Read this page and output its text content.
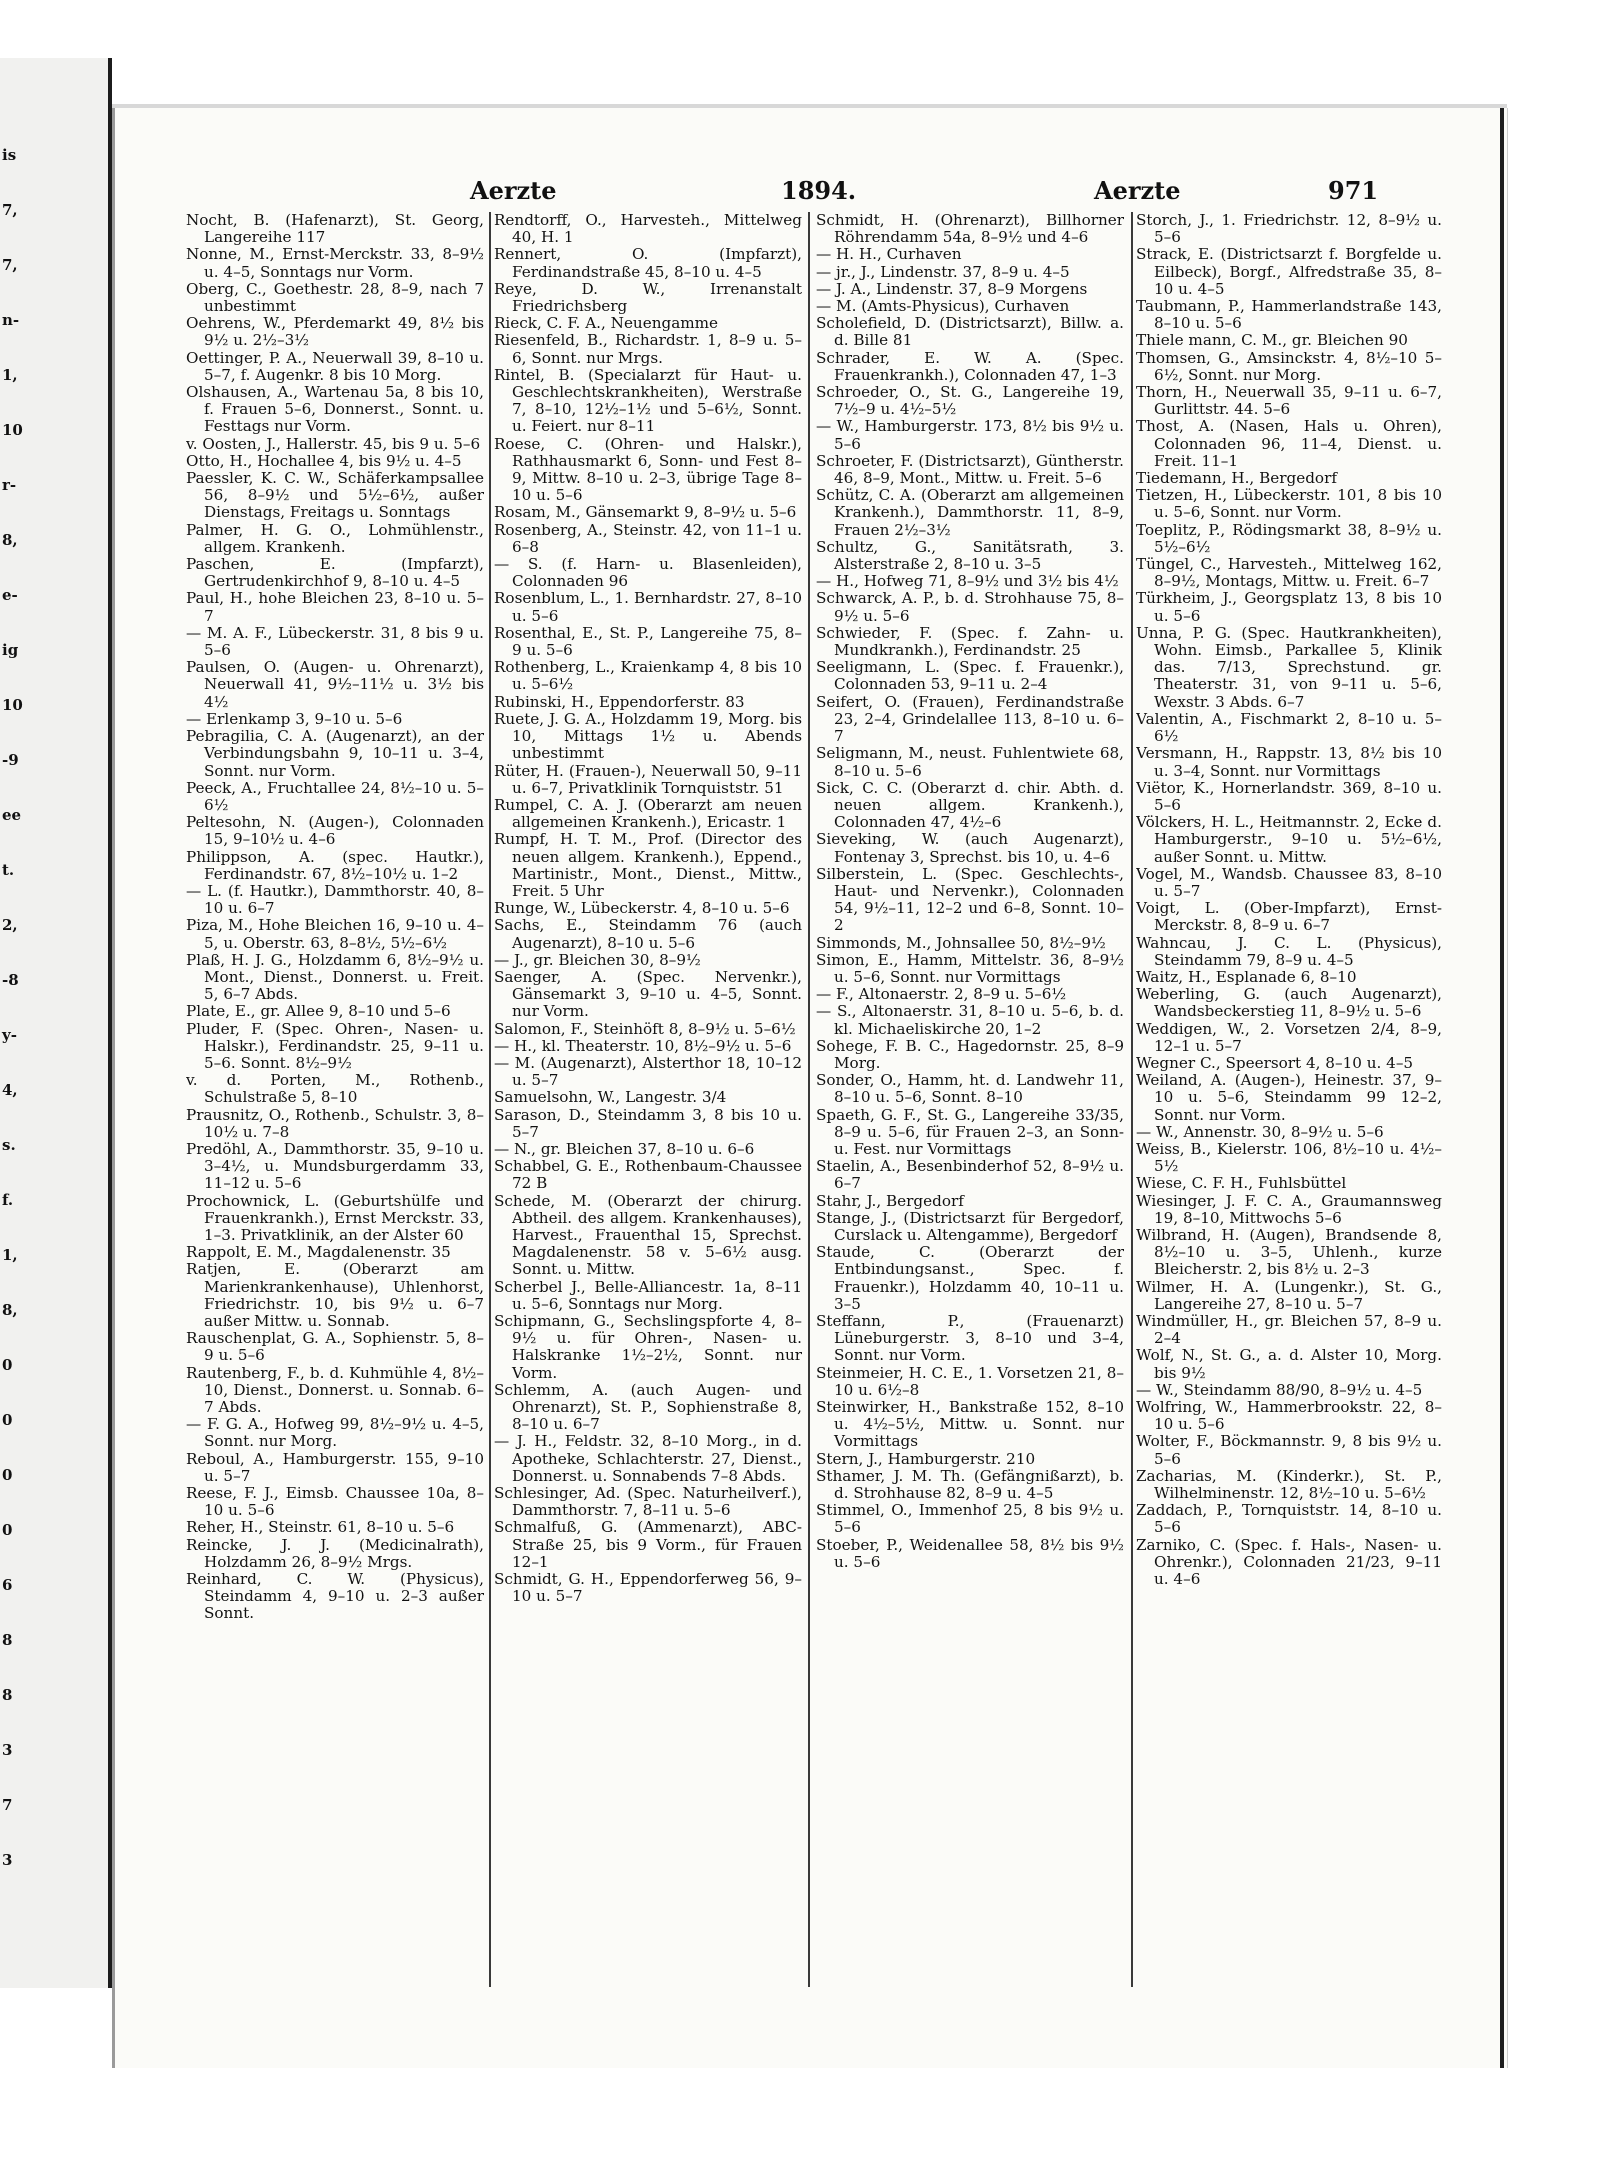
is
7,
7,
n-
1,
10
r-
8,
e-
ig
10
-9
ee
t.
2,
-8
y-
4,
s.
f.
1,
8,
0
0
0
0
6
8
8
3
7
3
Aerzte	1894.	Aerzte	971

Nocht, B. (Hafenarzt), St. Georg, Langereihe 117

Nonne, M., Ernst-Merckstr. 33, 8–9½ u. 4–5, Sonntags nur Vorm.

Oberg, C., Goethestr. 28, 8–9, nach 7 unbestimmt

Oehrens, W., Pferdemarkt 49, 8½ bis 9½ u. 2½–3½

Oettinger, P. A., Neuerwall 39, 8–10 u. 5–7, f. Augenkr. 8 bis 10 Morg.

Olshausen, A., Wartenau 5a, 8 bis 10, f. Frauen 5–6, Donnerst., Sonnt. u. Festtags nur Vorm.

v. Oosten, J., Hallerstr. 45, bis 9 u. 5–6

Otto, H., Hochallee 4, bis 9½ u. 4–5

Paessler, K. C. W., Schäferkampsallee 56, 8–9½ und 5½–6½, außer Dienstags, Freitags u. Sonntags

Palmer, H. G. O., Lohmühlenstr., allgem. Krankenh.

Paschen, E. (Impfarzt), Gertrudenkirchhof 9, 8–10 u. 4–5

Paul, H., hohe Bleichen 23, 8–10 u. 5–7

— M. A. F., Lübeckerstr. 31, 8 bis 9 u. 5–6

Paulsen, O. (Augen- u. Ohrenarzt), Neuerwall 41, 9½–11½ u. 3½ bis 4½

— Erlenkamp 3, 9–10 u. 5–6

Pebragilia, C. A. (Augenarzt), an der Verbindungsbahn 9, 10–11 u. 3–4, Sonnt. nur Vorm.

Peeck, A., Fruchtallee 24, 8½–10 u. 5–6½

Peltesohn, N. (Augen-), Colonnaden 15, 9–10½ u. 4–6

Philippson, A. (spec. Hautkr.), Ferdinandstr. 67, 8½–10½ u. 1–2

— L. (f. Hautkr.), Dammthorstr. 40, 8–10 u. 6–7

Piza, M., Hohe Bleichen 16, 9–10 u. 4–5, u. Oberstr. 63, 8–8½, 5½–6½

Plaß, H. J. G., Holzdamm 6, 8½–9½ u. Mont., Dienst., Donnerst. u. Freit. 5, 6–7 Abds.

Plate, E., gr. Allee 9, 8–10 und 5–6

Pluder, F. (Spec. Ohren-, Nasen- u. Halskr.), Ferdinandstr. 25, 9–11 u. 5–6. Sonnt. 8½–9½

v. d. Porten, M., Rothenb., Schulstraße 5, 8–10

Prausnitz, O., Rothenb., Schulstr. 3, 8–10½ u. 7–8

Predöhl, A., Dammthorstr. 35, 9–10 u. 3–4½, u. Mundsburgerdamm 33, 11–12 u. 5–6

Prochownick, L. (Geburtshülfe und Frauenkrankh.), Ernst Merckstr. 33, 1–3. Privatklinik, an der Alster 60

Rappolt, E. M., Magdalenenstr. 35

Ratjen, E. (Oberarzt am Marienkrankenhause), Uhlenhorst, Friedrichstr. 10, bis 9½ u. 6–7 außer Mittw. u. Sonnab.

Rauschenplat, G. A., Sophienstr. 5, 8–9 u. 5–6

Rautenberg, F., b. d. Kuhmühle 4, 8½–10, Dienst., Donnerst. u. Sonnab. 6–7 Abds.

— F. G. A., Hofweg 99, 8½–9½ u. 4–5, Sonnt. nur Morg.

Reboul, A., Hamburgerstr. 155, 9–10 u. 5–7

Reese, F. J., Eimsb. Chaussee 10a, 8–10 u. 5–6

Reher, H., Steinstr. 61, 8–10 u. 5–6

Reincke, J. J. (Medicinalrath), Holzdamm 26, 8–9½ Mrgs.

Reinhard, C. W. (Physicus), Steindamm 4, 9–10 u. 2–3 außer Sonnt.

Rendtorff, O., Harvesteh., Mittelweg 40, H. 1

Rennert, O. (Impfarzt), Ferdinandstraße 45, 8–10 u. 4–5

Reye, D. W., Irrenanstalt Friedrichsberg

Rieck, C. F. A., Neuengamme

Riesenfeld, B., Richardstr. 1, 8–9 u. 5–6, Sonnt. nur Mrgs.

Rintel, B. (Specialarzt für Haut- u. Geschlechtskrankheiten), Werstraße 7, 8–10, 12½–1½ und 5–6½, Sonnt. u. Feiert. nur 8–11

Roese, C. (Ohren- und Halskr.), Rathhausmarkt 6, Sonn- und Fest 8–9, Mittw. 8–10 u. 2–3, übrige Tage 8–10 u. 5–6

Rosam, M., Gänsemarkt 9, 8–9½ u. 5–6

Rosenberg, A., Steinstr. 42, von 11–1 u. 6–8

— S. (f. Harn- u. Blasenleiden), Colonnaden 96

Rosenblum, L., 1. Bernhardstr. 27, 8–10 u. 5–6

Rosenthal, E., St. P., Langereihe 75, 8–9 u. 5–6

Rothenberg, L., Kraienkamp 4, 8 bis 10 u. 5–6½

Rubinski, H., Eppendorferstr. 83

Ruete, J. G. A., Holzdamm 19, Morg. bis 10, Mittags 1½ u. Abends unbestimmt

Rüter, H. (Frauen-), Neuerwall 50, 9–11 u. 6–7, Privatklinik Tornquiststr. 51

Rumpel, C. A. J. (Oberarzt am neuen allgemeinen Krankenh.), Ericastr. 1

Rumpf, H. T. M., Prof. (Director des neuen allgem. Krankenh.), Eppend., Martinistr., Mont., Dienst., Mittw., Freit. 5 Uhr

Runge, W., Lübeckerstr. 4, 8–10 u. 5–6

Sachs, E., Steindamm 76 (auch Augenarzt), 8–10 u. 5–6

— J., gr. Bleichen 30, 8–9½

Saenger, A. (Spec. Nervenkr.), Gänsemarkt 3, 9–10 u. 4–5, Sonnt. nur Vorm.

Salomon, F., Steinhöft 8, 8–9½ u. 5–6½

— H., kl. Theaterstr. 10, 8½–9½ u. 5–6

— M. (Augenarzt), Alsterthor 18, 10–12 u. 5–7

Samuelsohn, W., Langestr. 3/4

Sarason, D., Steindamm 3, 8 bis 10 u. 5–7

— N., gr. Bleichen 37, 8–10 u. 6–6

Schabbel, G. E., Rothenbaum-Chaussee 72 B

Schede, M. (Oberarzt der chirurg. Abtheil. des allgem. Krankenhauses), Harvest., Frauenthal 15, Sprechst. Magdalenenstr. 58 v. 5–6½ ausg. Sonnt. u. Mittw.

Scherbel J., Belle-Alliancestr. 1a, 8–11 u. 5–6, Sonntags nur Morg.

Schipmann, G., Sechslingspforte 4, 8–9½ u. für Ohren-, Nasen- u. Halskranke 1½–2½, Sonnt. nur Vorm.

Schlemm, A. (auch Augen- und Ohrenarzt), St. P., Sophienstraße 8, 8–10 u. 6–7

— J. H., Feldstr. 32, 8–10 Morg., in d. Apotheke, Schlachterstr. 27, Dienst., Donnerst. u. Sonnabends 7–8 Abds.

Schlesinger, Ad. (Spec. Naturheilverf.), Dammthorstr. 7, 8–11 u. 5–6

Schmalfuß, G. (Ammenarzt), ABC-Straße 25, bis 9 Vorm., für Frauen 12–1

Schmidt, G. H., Eppendorferweg 56, 9–10 u. 5–7

Schmidt, H. (Ohrenarzt), Billhorner Röhrendamm 54a, 8–9½ und 4–6

— H. H., Curhaven

— jr., J., Lindenstr. 37, 8–9 u. 4–5

— J. A., Lindenstr. 37, 8–9 Morgens

— M. (Amts-Physicus), Curhaven

Scholefield, D. (Districtsarzt), Billw. a. d. Bille 81

Schrader, E. W. A. (Spec. Frauenkrankh.), Colonnaden 47, 1–3

Schroeder, O., St. G., Langereihe 19, 7½–9 u. 4½–5½

— W., Hamburgerstr. 173, 8½ bis 9½ u. 5–6

Schroeter, F. (Districtsarzt), Güntherstr. 46, 8–9, Mont., Mittw. u. Freit. 5–6

Schütz, C. A. (Oberarzt am allgemeinen Krankenh.), Dammthorstr. 11, 8–9, Frauen 2½–3½

Schultz, G., Sanitätsrath, 3. Alsterstraße 2, 8–10 u. 3–5

— H., Hofweg 71, 8–9½ und 3½ bis 4½

Schwarck, A. P., b. d. Strohhause 75, 8–9½ u. 5–6

Schwieder, F. (Spec. f. Zahn- u. Mundkrankh.), Ferdinandstr. 25

Seeligmann, L. (Spec. f. Frauenkr.), Colonnaden 53, 9–11 u. 2–4

Seifert, O. (Frauen), Ferdinandstraße 23, 2–4, Grindelallee 113, 8–10 u. 6–7

Seligmann, M., neust. Fuhlentwiete 68, 8–10 u. 5–6

Sick, C. C. (Oberarzt d. chir. Abth. d. neuen allgem. Krankenh.), Colonnaden 47, 4½–6

Sieveking, W. (auch Augenarzt), Fontenay 3, Sprechst. bis 10, u. 4–6

Silberstein, L. (Spec. Geschlechts-, Haut- und Nervenkr.), Colonnaden 54, 9½–11, 12–2 und 6–8, Sonnt. 10–2

Simmonds, M., Johnsallee 50, 8½–9½

Simon, E., Hamm, Mittelstr. 36, 8–9½ u. 5–6, Sonnt. nur Vormittags

— F., Altonaerstr. 2, 8–9 u. 5–6½

— S., Altonaerstr. 31, 8–10 u. 5–6, b. d. kl. Michaeliskirche 20, 1–2

Sohege, F. B. C., Hagedornstr. 25, 8–9 Morg.

Sonder, O., Hamm, ht. d. Landwehr 11, 8–10 u. 5–6, Sonnt. 8–10

Spaeth, G. F., St. G., Langereihe 33/35, 8–9 u. 5–6, für Frauen 2–3, an Sonn- u. Fest. nur Vormittags

Staelin, A., Besenbinderhof 52, 8–9½ u. 6–7

Stahr, J., Bergedorf

Stange, J., (Districtsarzt für Bergedorf, Curslack u. Altengamme), Bergedorf

Staude, C. (Oberarzt der Entbindungsanst., Spec. f. Frauenkr.), Holzdamm 40, 10–11 u. 3–5

Steffann, P., (Frauenarzt) Lüneburgerstr. 3, 8–10 und 3–4, Sonnt. nur Vorm.

Steinmeier, H. C. E., 1. Vorsetzen 21, 8–10 u. 6½–8

Steinwirker, H., Bankstraße 152, 8–10 u. 4½–5½, Mittw. u. Sonnt. nur Vormittags

Stern, J., Hamburgerstr. 210

Sthamer, J. M. Th. (Gefängnißarzt), b. d. Strohhause 82, 8–9 u. 4–5

Stimmel, O., Immenhof 25, 8 bis 9½ u. 5–6

Stoeber, P., Weidenallee 58, 8½ bis 9½ u. 5–6

Storch, J., 1. Friedrichstr. 12, 8–9½ u. 5–6

Strack, E. (Districtsarzt f. Borgfelde u. Eilbeck), Borgf., Alfredstraße 35, 8–10 u. 4–5

Taubmann, P., Hammerlandstraße 143, 8–10 u. 5–6

Thiele mann, C. M., gr. Bleichen 90

Thomsen, G., Amsinckstr. 4, 8½–10 5–6½, Sonnt. nur Morg.

Thorn, H., Neuerwall 35, 9–11 u. 6–7, Gurlittstr. 44. 5–6

Thost, A. (Nasen, Hals u. Ohren), Colonnaden 96, 11–4, Dienst. u. Freit. 11–1

Tiedemann, H., Bergedorf

Tietzen, H., Lübeckerstr. 101, 8 bis 10 u. 5–6, Sonnt. nur Vorm.

Toeplitz, P., Rödingsmarkt 38, 8–9½ u. 5½–6½

Tüngel, C., Harvesteh., Mittelweg 162, 8–9½, Montags, Mittw. u. Freit. 6–7

Türkheim, J., Georgsplatz 13, 8 bis 10 u. 5–6

Unna, P. G. (Spec. Hautkrankheiten), Wohn. Eimsb., Parkallee 5, Klinik das. 7/13, Sprechstund. gr. Theaterstr. 31, von 9–11 u. 5–6, Wexstr. 3 Abds. 6–7

Valentin, A., Fischmarkt 2, 8–10 u. 5–6½

Versmann, H., Rappstr. 13, 8½ bis 10 u. 3–4, Sonnt. nur Vormittags

Viëtor, K., Hornerlandstr. 369, 8–10 u. 5–6

Völckers, H. L., Heitmannstr. 2, Ecke d. Hamburgerstr., 9–10 u. 5½–6½, außer Sonnt. u. Mittw.

Vogel, M., Wandsb. Chaussee 83, 8–10 u. 5–7

Voigt, L. (Ober-Impfarzt), Ernst-Merckstr. 8, 8–9 u. 6–7

Wahncau, J. C. L. (Physicus), Steindamm 79, 8–9 u. 4–5

Waitz, H., Esplanade 6, 8–10

Weberling, G. (auch Augenarzt), Wandsbeckerstieg 11, 8–9½ u. 5–6

Weddigen, W., 2. Vorsetzen 2/4, 8–9, 12–1 u. 5–7

Wegner C., Speersort 4, 8–10 u. 4–5

Weiland, A. (Augen-), Heinestr. 37, 9–10 u. 5–6, Steindamm 99 12–2, Sonnt. nur Vorm.

— W., Annenstr. 30, 8–9½ u. 5–6

Weiss, B., Kielerstr. 106, 8½–10 u. 4½–5½

Wiese, C. F. H., Fuhlsbüttel

Wiesinger, J. F. C. A., Graumannsweg 19, 8–10, Mittwochs 5–6

Wilbrand, H. (Augen), Brandsende 8, 8½–10 u. 3–5, Uhlenh., kurze Bleicherstr. 2, bis 8½ u. 2–3

Wilmer, H. A. (Lungenkr.), St. G., Langereihe 27, 8–10 u. 5–7

Windmüller, H., gr. Bleichen 57, 8–9 u. 2–4

Wolf, N., St. G., a. d. Alster 10, Morg. bis 9½

— W., Steindamm 88/90, 8–9½ u. 4–5

Wolfring, W., Hammerbrookstr. 22, 8–10 u. 5–6

Wolter, F., Böckmannstr. 9, 8 bis 9½ u. 5–6

Zacharias, M. (Kinderkr.), St. P., Wilhelminenstr. 12, 8½–10 u. 5–6½

Zaddach, P., Tornquiststr. 14, 8–10 u. 5–6

Zarniko, C. (Spec. f. Hals-, Nasen- u. Ohrenkr.), Colonnaden 21/23, 9–11 u. 4–6
